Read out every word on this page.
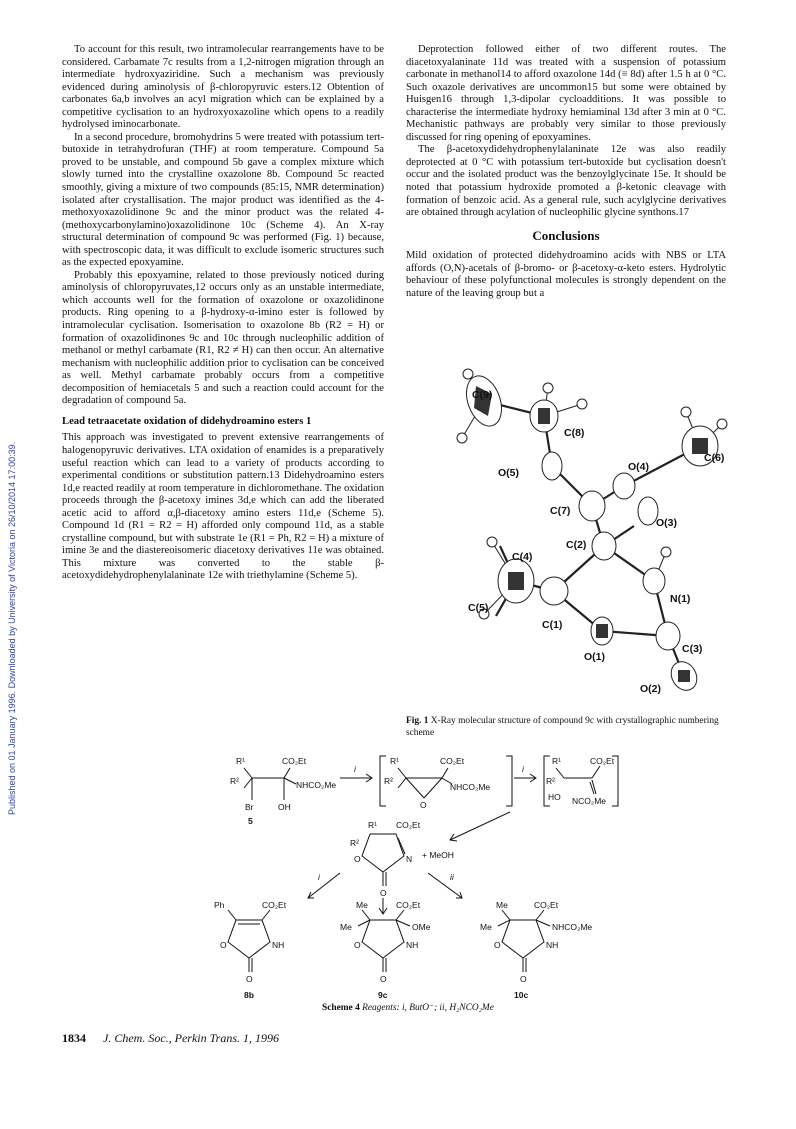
Published on 01 January 1996. Downloaded by University of Victoria on 26/10/2014 17:00:39.

To account for this result, two intramolecular rearrangements have to be considered. Carbamate 7c results from a 1,2-nitrogen migration through an intermediate hydroxyaziridine. Such a mechanism was previously evidenced during aminolysis of β-chloropyruvic esters.12 Obtention of carbonates 6a,b involves an acyl migration which can be explained by a competitive cyclisation to an hydroxyoxazoline which opens to a readily hydrolysed iminocarbonate.

In a second procedure, bromohydrins 5 were treated with potassium tert-butoxide in tetrahydrofuran (THF) at room temperature. Compound 5a proved to be unstable, and compound 5b gave a complex mixture which slowly turned into the crystalline oxazolone 8b. Compound 5c reacted smoothly, giving a mixture of two compounds (85:15, NMR determination) isolated after crystallisation. The major product was identified as the 4-methoxyoxazolidinone 9c and the minor product was the related 4-(methoxycarbonylamino)oxazolidinone 10c (Scheme 4). An X-ray structural determination of compound 9c was performed (Fig. 1) because, with spectroscopic data, it was difficult to exclude isomeric structures such as the expected epoxyamine.

Probably this epoxyamine, related to those previously noticed during aminolysis of chloropyruvates,12 occurs only as an unstable intermediate, which accounts well for the formation of oxazolone or oxazolidinone products. Ring opening to a β-hydroxy-α-imino ester is followed by intramolecular cyclisation. Isomerisation to oxazolone 8b (R2 = H) or formation of oxazolidinones 9c and 10c through nucleophilic addition of methanol or methyl carbamate (R1, R2 ≠ H) can then occur. An alternative mechanism with nucleophilic addition prior to cyclisation can be conceived as well. Methyl carbamate probably occurs from a competitive decomposition of hemiacetals 5 and such a reaction could account for the degradation of compound 5a.

Lead tetraacetate oxidation of didehydroamino esters 1

This approach was investigated to prevent extensive rearrangements of halogenopyruvic derivatives. LTA oxidation of enamides is a preparatively useful reaction which can lead to a variety of products according to experimental conditions or substitution pattern.13 Didehydroamino esters 1d,e reacted readily at room temperature in dichloromethane. The oxidation proceeds through the β-acetoxy imines 3d,e which can add the liberated acetic acid to afford α,β-diacetoxy amino esters 11d,e (Scheme 5). Compound 1d (R1 = R2 = H) afforded only compound 11d, as a stable crystalline compound, but with substrate 1e (R1 = Ph, R2 = H) a mixture of imine 3e and the diastereoisomeric diacetoxy derivatives 11e was obtained. This mixture was converted to the stable β-acetoxydidehydrophenylalaninate 12e with triethylamine (Scheme 5).

Deprotection followed either of two different routes. The diacetoxyalaninate 11d was treated with a suspension of potassium carbonate in methanol14 to afford oxazolone 14d (≡ 8d) after 1.5 h at 0 °C. Such oxazole derivatives are uncommon15 but some were obtained by Huisgen16 through 1,3-dipolar cycloadditions. It was possible to characterise the intermediate hydroxy hemiaminal 13d after 3 min at 0 °C. Mechanistic pathways are probably very similar to those previously discussed for ring opening of epoxyamines.

The β-acetoxydidehydrophenylalaninate 12e was also readily deprotected at 0 °C with potassium tert-butoxide but cyclisation doesn't occur and the isolated product was the benzoylglycinate 15e. It should be noted that potassium hydroxide promoted a β-ketonic cleavage with formation of benzoic acid. As a general rule, such acylglycine derivatives are obtained through acylation of nucleophilic glycine synthons.17

Conclusions

Mild oxidation of protected didehydroamino acids with NBS or LTA affords (O,N)-acetals of β-bromo- or β-acetoxy-α-keto esters. Hydrolytic behaviour of these polyfunctional molecules is strongly dependent on the nature of the leaving group but a

C(9)
C(8)
C(6)
O(5)	O(4)
C(7)
O(3)
C(2)
C(4)
N(1)
C(5)
C(1)
C(3)
O(1)
O(2)
Fig. 1 X-Ray molecular structure of compound 9c with crystallographic numbering scheme
R¹
R²
CO₂Et
NHCO₂Me
Br	OH
5
i
R¹
R²
CO₂Et
NHCO₂Me
O
i
R¹
R²
CO₂Et
HO NCO₂Me
R¹
R²
CO₂Et
O	N + MeOH
O
i	ii
Ph	CO₂Et
O	NH
O
8b
Me
Me
CO₂Et
OMe
O	NH
O
9c
Me
Me
CO₂Et
NHCO₂Me
O	NH
O
10c
Scheme 4 Reagents: i, ButO⁻; ii, H₂NCO₂Me
1834 J. Chem. Soc., Perkin Trans. 1, 1996
